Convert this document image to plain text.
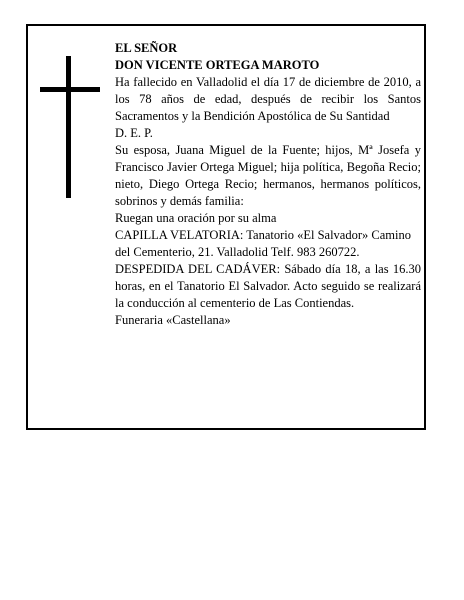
EL SEÑOR

DON VICENTE ORTEGA MAROTO

Ha fallecido en Valladolid el día 17 de diciembre de 2010, a los 78 años de edad, después de recibir los Santos Sacramentos y la Bendición Apostólica de Su Santidad

D. E. P.

Su esposa, Juana Miguel de la Fuente; hijos, Mª Josefa y Francisco Javier Ortega Miguel; hija política, Begoña Recio; nieto, Diego Ortega Recio; hermanos, hermanos políticos, sobrinos y demás familia:

Ruegan una oración por su alma

CAPILLA VELATORIA: Tanatorio «El Salvador» Camino del Cementerio, 21. Valladolid Telf. 983 260722.

DESPEDIDA DEL CADÁVER: Sábado día 18, a las 16.30 horas, en el Tanatorio El Salvador. Acto seguido se realizará la conducción al cementerio de Las Contiendas.

Funeraria «Castellana»
